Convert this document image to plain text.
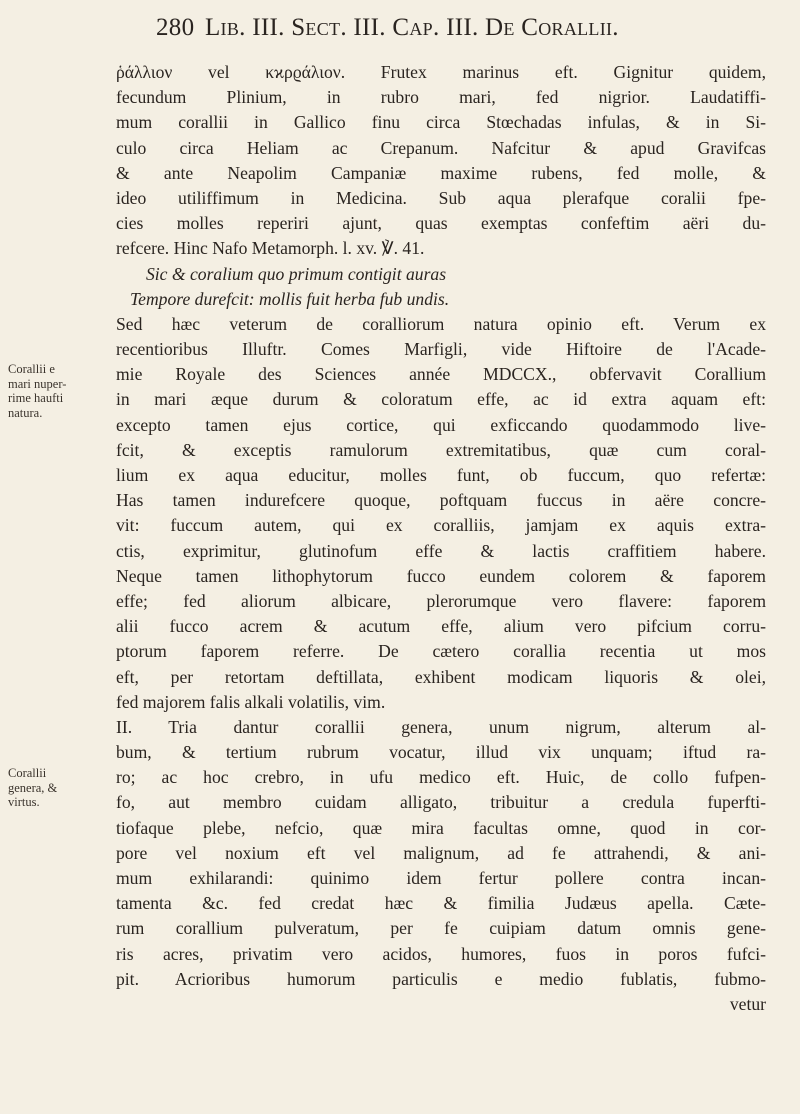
280 Lib. III. Sect. III. Cap. III. De Corallii.
Corallii e
mari nuper-
rime haufti
natura.
Corallii
genera, &
virtus.
ῥάλλιον vel κϰρϱάλιον. Frutex marinus eft. Gignitur quidem,
fecundum Plinium, in rubro mari, fed nigrior. Laudatiffi-
mum corallii in Gallico finu circa Stœchadas infulas, & in Si-
culo circa Heliam ac Crepanum. Nafcitur & apud Gravifcas
& ante Neapolim Campaniæ maxime rubens, fed molle, &
ideo utiliffimum in Medicina. Sub aqua plerafque coralii fpe-
cies molles reperiri ajunt, quas exemptas confeftim aëri du-
refcere. Hinc Nafo Metamorph. l. xv. ℣. 41.
Sic & coralium quo primum contigit auras
Tempore durefcit: mollis fuit herba fub undis.
Sed hæc veterum de coralliorum natura opinio eft. Verum ex
recentioribus Illuftr. Comes Marfigli, vide Hiftoire de l'Acade-
mie Royale des Sciences année MDCCX., obfervavit Corallium
in mari æque durum & coloratum effe, ac id extra aquam eft:
excepto tamen ejus cortice, qui exficcando quodammodo live-
fcit, & exceptis ramulorum extremitatibus, quæ cum coral-
lium ex aqua educitur, molles funt, ob fuccum, quo refertæ:
Has tamen indurefcere quoque, poftquam fuccus in aëre concre-
vit: fuccum autem, qui ex coralliis, jamjam ex aquis extra-
ctis, exprimitur, glutinofum effe & lactis craffitiem habere.
Neque tamen lithophytorum fucco eundem colorem & faporem
effe; fed aliorum albicare, plerorumque vero flavere: faporem
alii fucco acrem & acutum effe, alium vero pifcium corru-
ptorum faporem referre. De cætero corallia recentia ut mos
eft, per retortam deftillata, exhibent modicam liquoris & olei,
fed majorem falis alkali volatilis, vim.
II. Tria dantur corallii genera, unum nigrum, alterum al-
bum, & tertium rubrum vocatur, illud vix unquam; iftud ra-
ro; ac hoc crebro, in ufu medico eft. Huic, de collo fufpen-
fo, aut membro cuidam alligato, tribuitur a credula fuperfti-
tiofaque plebe, nefcio, quæ mira facultas omne, quod in cor-
pore vel noxium eft vel malignum, ad fe attrahendi, & ani-
mum exhilarandi: quinimo idem fertur pollere contra incan-
tamenta &c. fed credat hæc & fimilia Judæus apella. Cæte-
rum corallium pulveratum, per fe cuipiam datum omnis gene-
ris acres, privatim vero acidos, humores, fuos in poros fufci-
pit. Acrioribus humorum particulis e medio fublatis, fubmo-
vetur
